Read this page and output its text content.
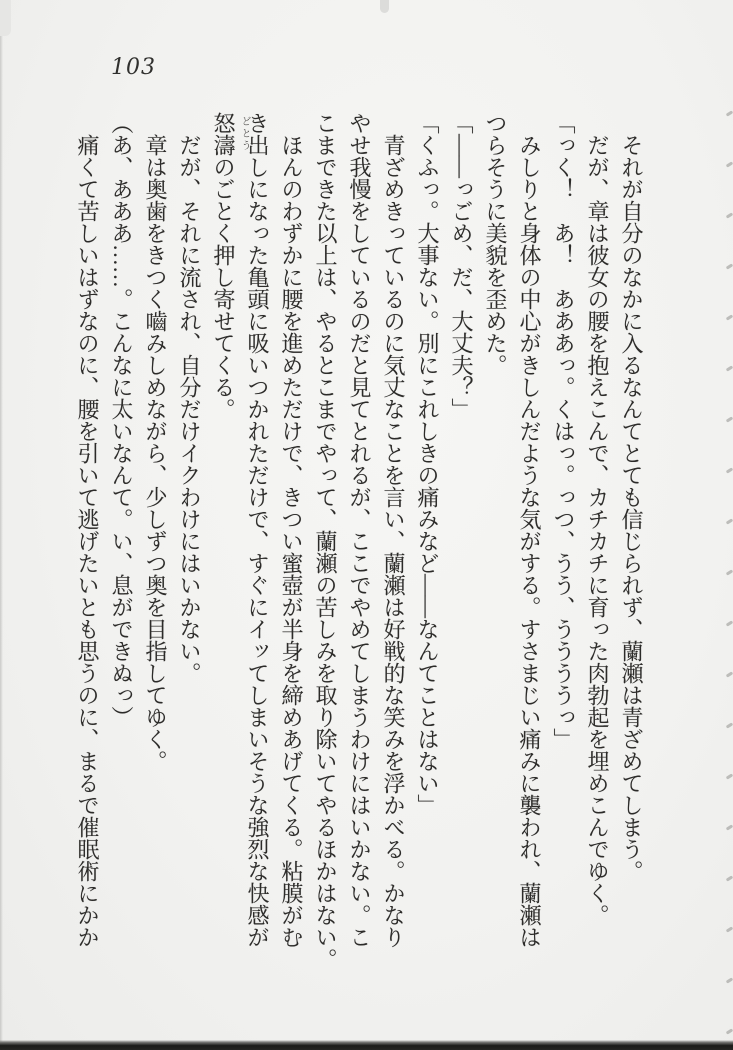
103

　それが自分のなかに入るなんてとても信じられず、蘭瀬は青ざめてしまう。

　だが、章は彼女の腰を抱えこんで、カチカチに育った肉勃起を埋めこんでゆく。

「っく！　あ！　あああっ。くはっ。っつ、うう、ううううっ」

　みしりと身体の中心がきしんだような気がする。すさまじい痛みに襲われ、蘭瀬は

つらそうに美貌を歪めた。

「――っごめ、だ、大丈夫？」

「くふっ。大事ない。別にこれしきの痛みなど――なんてことはない」

　青ざめきっているのに気丈なことを言い、蘭瀬は好戦的な笑みを浮かべる。かなり

やせ我慢をしているのだと見てとれるが、ここでやめてしまうわけにはいかない。こ

こまできた以上は、やるとこまでやって、蘭瀬の苦しみを取り除いてやるほかはない。

　ほんのわずかに腰を進めただけで、きつい蜜壺が半身を締めあげてくる。粘膜がむ

き出しになった亀頭に吸いつかれただけで、すぐにイッてしまいそうな強烈な快感が

怒濤 どとう
のごとく押し寄せてくる。

　だが、それに流され、自分だけイクわけにはいかない。

　章は奥歯をきつく嚙みしめながら、少しずつ奥を目指してゆく。

（あ、あああ……。こんなに太いなんて。い、息ができぬっ）

　痛くて苦しいはずなのに、腰を引いて逃げたいとも思うのに、まるで催眠術にかか
